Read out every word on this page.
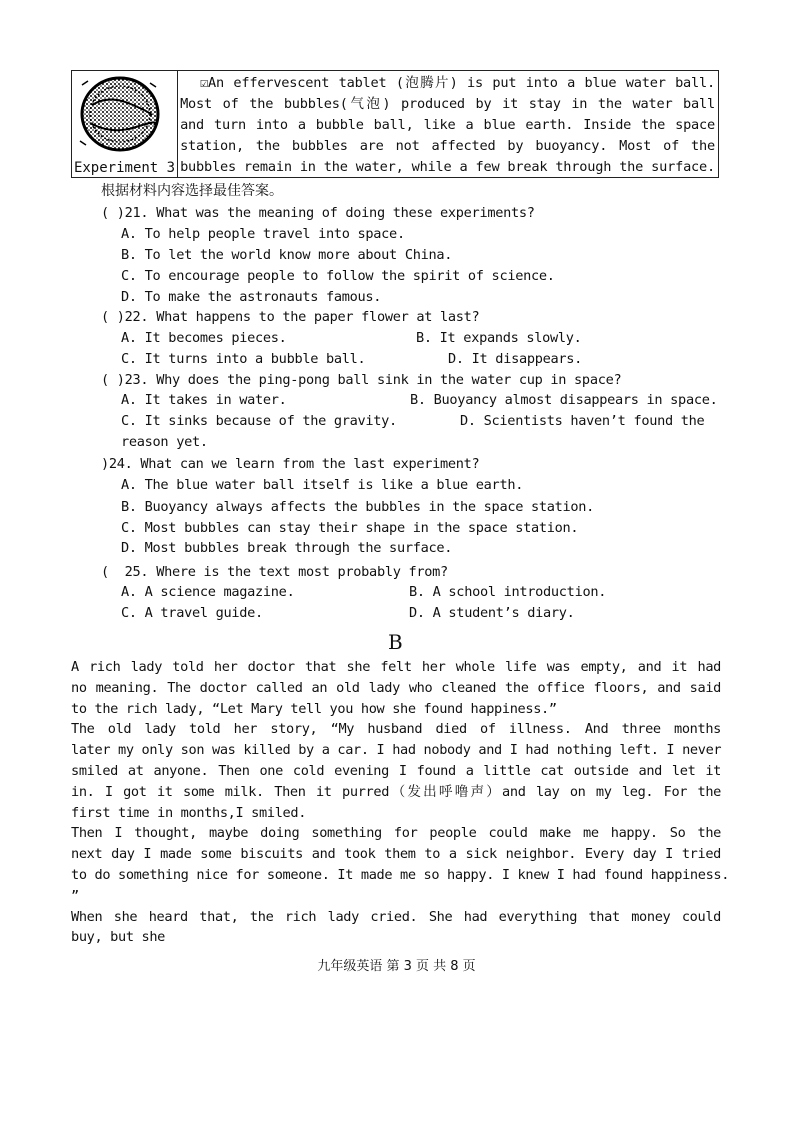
Experiment 3
☑An effervescent tablet (泡腾片) is put into a blue water ball.
Most of the bubbles(气泡) produced by it stay in the water ball
and turn into a bubble ball, like a blue earth. Inside the space
station, the bubbles are not affected by buoyancy. Most of the
bubbles remain in the water, while a few break through the surface.
根据材料内容选择最佳答案。
( )21. What was the meaning of doing these experiments?
A. To help people travel into space.
B. To let the world know more about China.
C. To encourage people to follow the spirit of science.
D. To make the astronauts famous.
( )22. What happens to the paper flower at last?
A. It becomes pieces.	B. It expands slowly.
C. It turns into a bubble ball.	D. It disappears.
( )23. Why does the ping-pong ball sink in the water cup in space?
A. It takes in water.	B. Buoyancy almost disappears in space.
C. It sinks because of the gravity.	D. Scientists haven’t found the
reason yet.
)24. What can we learn from the last experiment?
A. The blue water ball itself is like a blue earth.
B. Buoyancy always affects the bubbles in the space station.
C. Most bubbles can stay their shape in the space station.
D. Most bubbles break through the surface.
(  25. Where is the text most probably from?
A. A science magazine.	B. A school introduction.
C. A travel guide.	D. A student’s diary.
B
A rich lady told her doctor that she felt her whole life was empty, and it had
no meaning. The doctor called an old lady who cleaned the office floors, and said
to the rich lady, “Let Mary tell you how she found happiness.”
The old lady told her story, “My husband died of illness. And three months
later my only son was killed by a car. I had nobody and I had nothing left. I never
smiled at anyone. Then one cold evening I found a little cat outside and let it
in. I got it some milk. Then it purred（发出呼噜声）and lay on my leg. For the
first time in months,I smiled.
Then I thought, maybe doing something for people could make me happy. So the
next day I made some biscuits and took them to a sick neighbor. Every day I tried
to do something nice for someone. It made me so happy. I knew I had found happiness.
”
When she heard that, the rich lady cried. She had everything that money could
buy, but she
九年级英语 第 3 页 共 8 页
